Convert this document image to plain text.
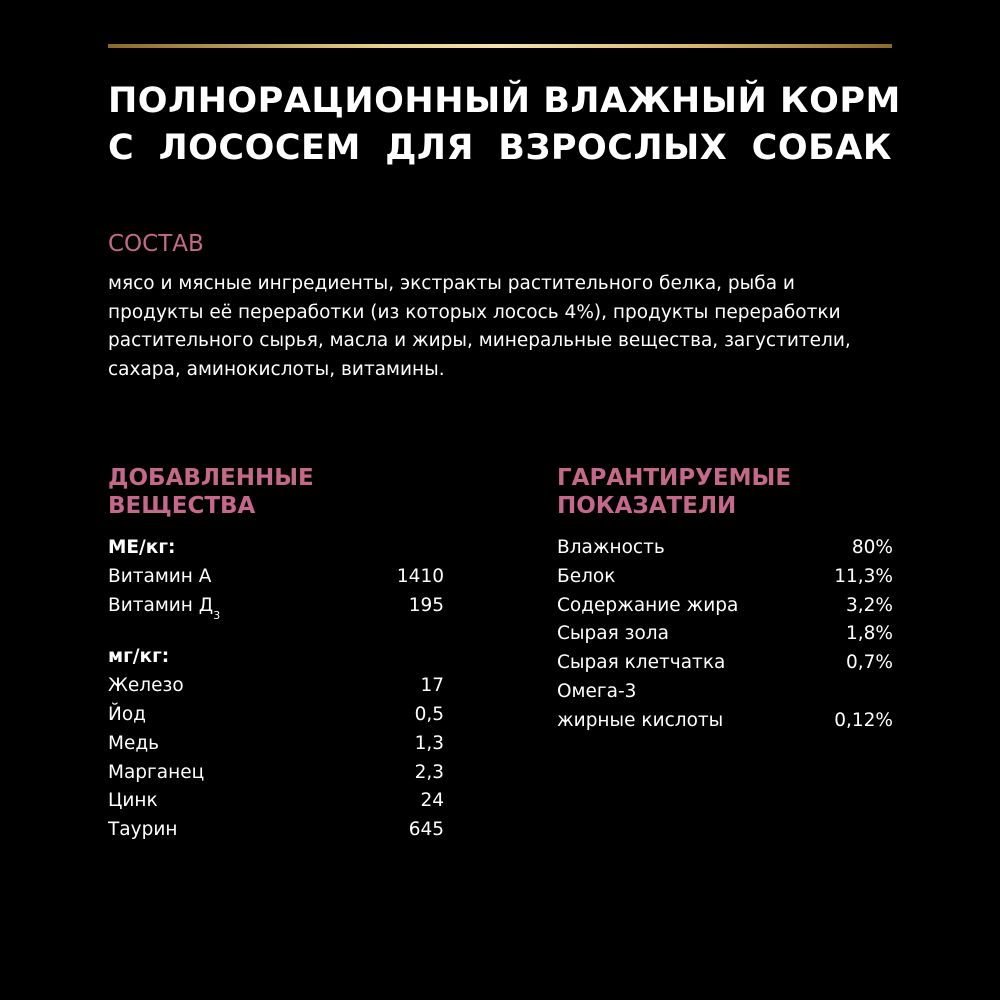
ПОЛНОРАЦИОННЫЙ ВЛАЖНЫЙ КОРМ
С ЛОСОСЕМ ДЛЯ ВЗРОСЛЫХ СОБАК
СОСТАВ

мясо и мясные ингредиенты, экстракты растительного белка, рыба и продукты её переработки (из которых лосось 4%), продукты переработки растительного сырья, масла и жиры, минеральные вещества, загустители, сахара, аминокислоты, витамины.

ДОБАВЛЕННЫЕ
ВЕЩЕСТВА
ГАРАНТИРУЕМЫЕ
ПОКАЗАТЕЛИ
МЕ/кг:
Витамин А	1410
Витамин $Д_3$	195
мг/кг:
Железо	17
Йод	0,5
Медь	1,3
Марганец	2,3
Цинк	24
Таурин	645
Влажность	80%
Белок	11,3%
Содержание жира	3,2%
Сырая зола	1,8%
Сырая клетчатка	0,7%
Омега-3
жирные кислоты	0,12%
